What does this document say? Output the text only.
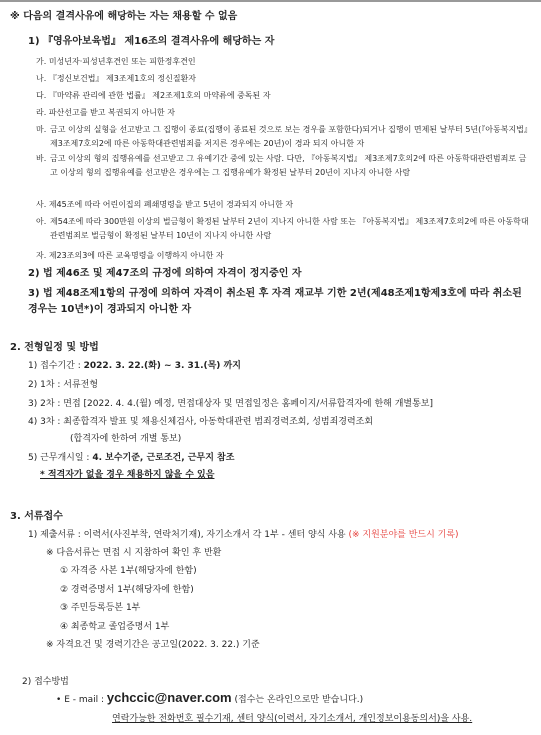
※ 다음의 결격사유에 해당하는 자는 채용할 수 없음
1) 『영유아보육법』 제16조의 결격사유에 해당하는 자
가. 미성년자·피성년후견인 또는 피한정후견인
나. 『정신보건법』 제3조제1호의 정신질환자
다. 『마약류 관리에 관한 법률』 제2조제1호의 마약류에 중독된 자
라. 파산선고를 받고 복권되지 아니한 자
마. 금고 이상의 실형을 선고받고 그 집행이 종료(집행이 종료된 것으로 보는 경우를 포함한다)되거나 집행이 면제된 날부터 5년(『아동복지법』 제3조제7호의2에 따른 아동학대관련범죄를 저지른 경우에는 20년)이 경과 되지 아니한 자
바. 금고 이상의 형의 집행유예를 선고받고 그 유예기간 중에 있는 사람. 다만, 『아동복지법』 제3조제7호의2에 따른 아동학대관련범죄로 금고 이상의 형의 집행유예를 선고받은 경우에는 그 집행유예가 확정된 날부터 20년이 지나지 아니한 사람
사. 제45조에 따라 어린이집의 폐쇄명령을 받고 5년이 경과되지 아니한 자
아. 제54조에 따라 300만원 이상의 벌금형이 확정된 날부터 2년이 지나지 아니한 사람 또는 『아동복지법』 제3조제7호의2에 따른 아동학대관련범죄로 벌금형이 확정된 날부터 10년이 지나지 아니한 사람
자. 제23조의3에 따른 교육명령을 이행하지 아니한 자
2) 법 제46조 및 제47조의 규정에 의하여 자격이 정지중인 자
3) 법 제48조제1항의 규정에 의하여 자격이 취소된 후 자격 재교부 기한 2년(제48조제1항제3호에 따라 취소된 경우는 10년*)이 경과되지 아니한 자
2. 전형일정 및 방법
1) 접수기간 : 2022. 3. 22.(화) ~ 3. 31.(목) 까지
2) 1차 : 서류전형
3) 2차 : 면접 [2022. 4. 4.(월) 예정, 면접대상자 및 면접일정은 홈페이지/서류합격자에 한해 개별통보]
4) 3차 : 최종합격자 발표 및 채용신체검사, 아동학대관련 범죄경력조회, 성범죄경력조회
(합격자에 한하여 개별 통보)
5) 근무개시일 : 4. 보수기준, 근로조건, 근무지 참조
* 적격자가 없을 경우 채용하지 않을 수 있음
3. 서류접수
1) 제출서류 : 이력서(사진부착, 연락처기재), 자기소개서 각 1부 - 센터 양식 사용 (※ 지원분야를 반드시 기록)
※ 다음서류는 면접 시 지참하여 확인 후 반환
① 자격증 사본 1부(해당자에 한함)
② 경력증명서 1부(해당자에 한함)
③ 주민등록등본 1부
④ 최종학교 졸업증명서 1부
※ 자격요건 및 경력기간은 공고일(2022. 3. 22.) 기준
2) 접수방법
• E - mail : ychccic@naver.com (접수는 온라인으로만 받습니다.)
연락가능한 전화번호 필수기재, 센터 양식(이력서, 자기소개서, 개인정보이용동의서)을 사용.
